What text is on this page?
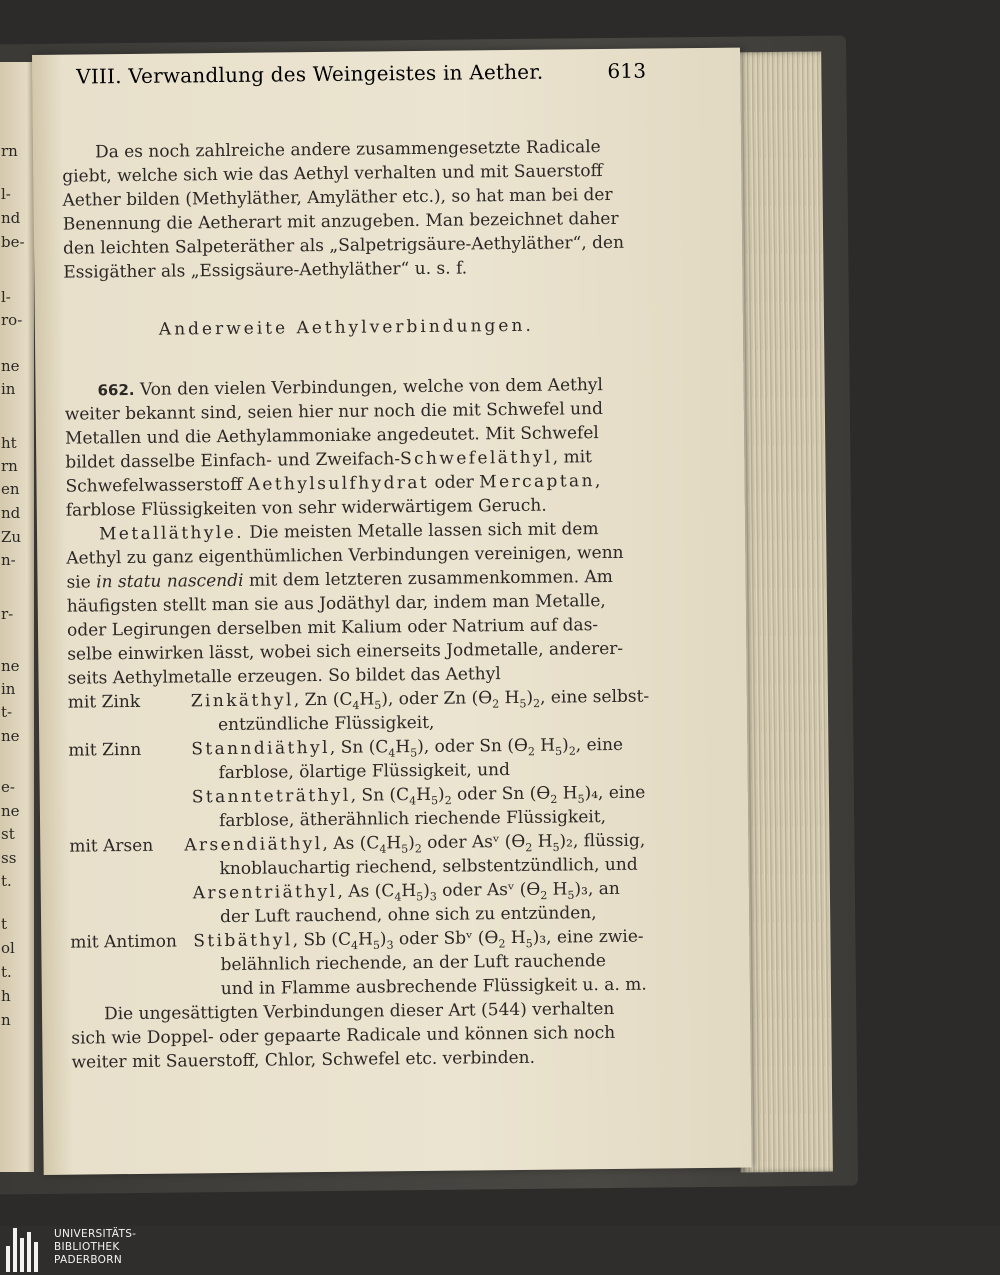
rn
l-
nd
be-
l-
ro-
ne
in
ht
rn
en
nd
Zu
n-
r-
ne
in
t-
ne
e-
ne
st
ss
t.
t
ol
t.
h
n
VIII. Verwandlung des Weingeistes in Aether.	613
Da es noch zahlreiche andere zusammengesetzte Radicale
giebt, welche sich wie das Aethyl verhalten und mit Sauerstoff
Aether bilden (Methyläther, Amyläther etc.), so hat man bei der
Benennung die Aetherart mit anzugeben. Man bezeichnet daher
den leichten Salpeteräther als „Salpetrigsäure-Aethyläther“, den
Essigäther als „Essigsäure-Aethyläther“ u. s. f.
Anderweite Aethylverbindungen.
662. Von den vielen Verbindungen, welche von dem Aethyl
weiter bekannt sind, seien hier nur noch die mit Schwefel und
Metallen und die Aethylammoniake angedeutet. Mit Schwefel
bildet dasselbe Einfach- und Zweifach-Schwefeläthyl, mit
Schwefelwasserstoff Aethylsulfhydrat oder Mercaptan,
farblose Flüssigkeiten von sehr widerwärtigem Geruch.
Metalläthyle. Die meisten Metalle lassen sich mit dem
Aethyl zu ganz eigenthümlichen Verbindungen vereinigen, wenn
sie in statu nascendi mit dem letzteren zusammenkommen. Am
häufigsten stellt man sie aus Jodäthyl dar, indem man Metalle,
oder Legirungen derselben mit Kalium oder Natrium auf das-
selbe einwirken lässt, wobei sich einerseits Jodmetalle, anderer-
seits Aethylmetalle erzeugen. So bildet das Aethyl
mit Zink	Zinkäthyl, Zn $(C_4H_5)$, oder Zn ($Ɵ_2$ $H_5)_2$, eine selbst-
entzündliche Flüssigkeit,
mit Zinn	Stanndiäthyl, Sn $(C_4H_5)$, oder Sn ($Ɵ_2$ $H_5)_2$, eine
farblose, ölartige Flüssigkeit, und
Stannteträthyl, Sn $(C_4H_5)_2$ oder Sn ($Ɵ_2$ $H_5)_4$, eine
farblose, ätherähnlich riechende Flüssigkeit,
mit Arsen Arsendiäthyl, As $(C_4H_5)_2$ oder Asᵛ ($Ɵ_2$ $H_5)_2$, flüssig,
knoblauchartig riechend, selbstentzündlich, und
Arsentriäthyl, As $(C_4H_5)_3$ oder Asᵛ ($Ɵ_2$ $H_5)_3$, an
der Luft rauchend, ohne sich zu entzünden,
mit Antimon Stibäthyl, Sb $(C_4H_5)_3$ oder Sbᵛ ($Ɵ_2$ $H_5)_3$, eine zwie-
belähnlich riechende, an der Luft rauchende
und in Flamme ausbrechende Flüssigkeit u. a. m.
Die ungesättigten Verbindungen dieser Art (544) verhalten
sich wie Doppel- oder gepaarte Radicale und können sich noch
weiter mit Sauerstoff, Chlor, Schwefel etc. verbinden.
UNIVERSITÄTS-
BIBLIOTHEK
PADERBORN
